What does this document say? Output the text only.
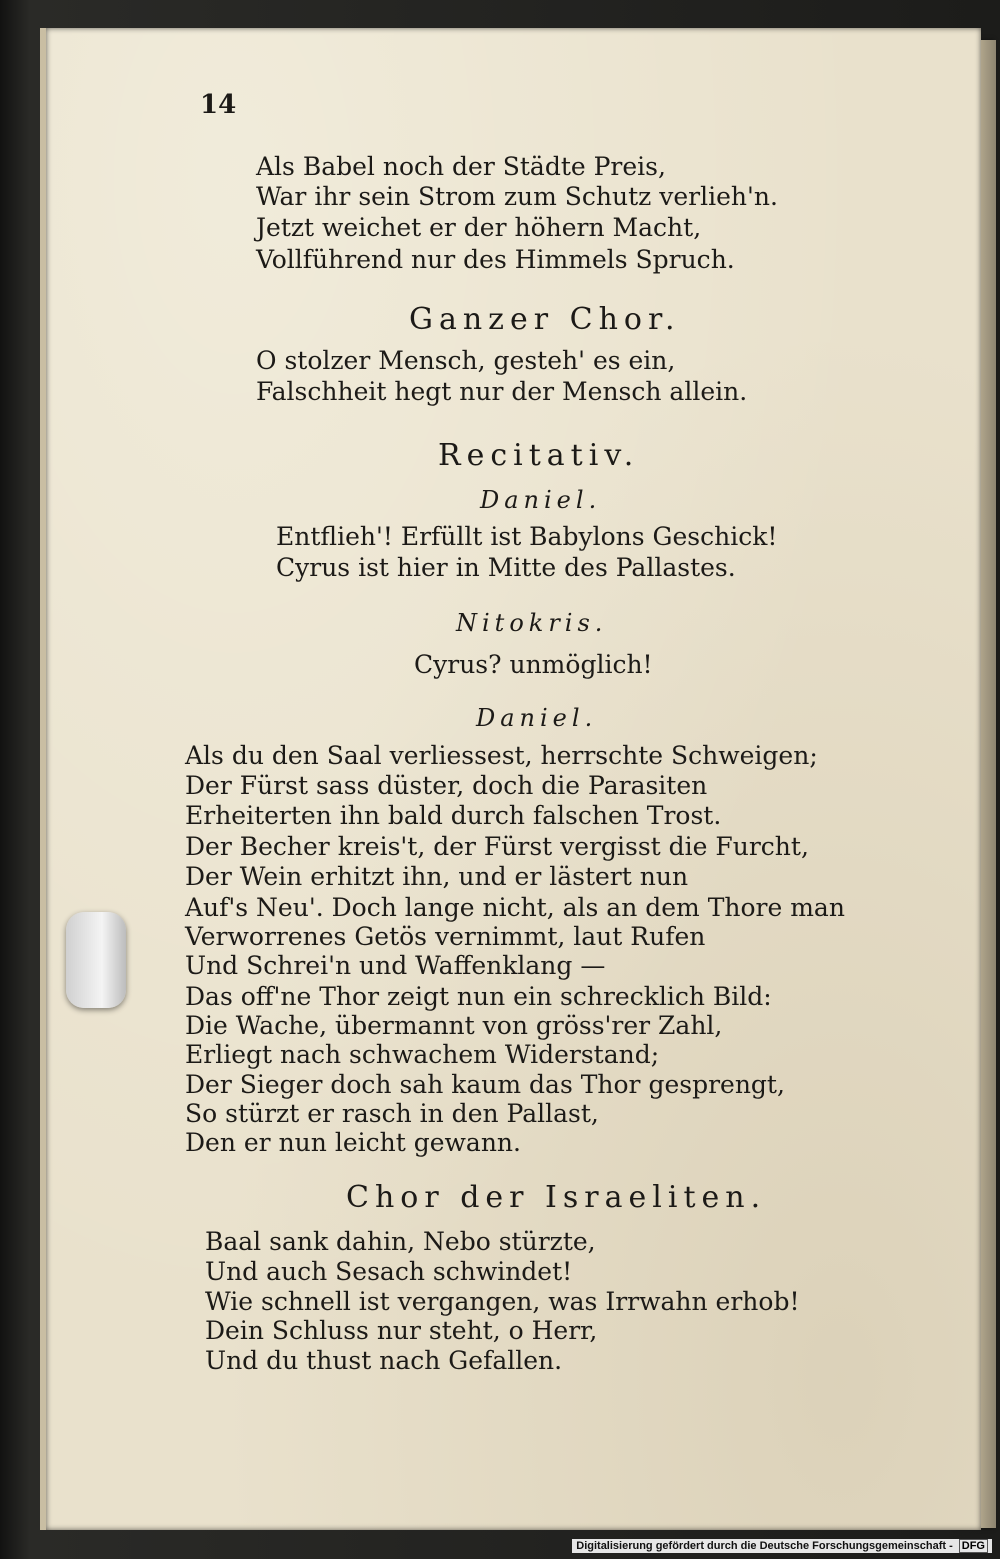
14
Als Babel noch der Städte Preis,
War ihr sein Strom zum Schutz verlieh'n.
Jetzt weichet er der höhern Macht,
Vollführend nur des Himmels Spruch.
Ganzer Chor.
O stolzer Mensch, gesteh' es ein,
Falschheit hegt nur der Mensch allein.
Recitativ.
Daniel.
Entflieh'! Erfüllt ist Babylons Geschick!
Cyrus ist hier in Mitte des Pallastes.
Nitokris.
Cyrus? unmöglich!
Daniel.
Als du den Saal verliessest, herrschte Schweigen;
Der Fürst sass düster, doch die Parasiten
Erheiterten ihn bald durch falschen Trost.
Der Becher kreis't, der Fürst vergisst die Furcht,
Der Wein erhitzt ihn, und er lästert nun
Auf's Neu'. Doch lange nicht, als an dem Thore man
Verworrenes Getös vernimmt, laut Rufen
Und Schrei'n und Waffenklang —
Das off'ne Thor zeigt nun ein schrecklich Bild:
Die Wache, übermannt von gröss'rer Zahl,
Erliegt nach schwachem Widerstand;
Der Sieger doch sah kaum das Thor gesprengt,
So stürzt er rasch in den Pallast,
Den er nun leicht gewann.
Chor der Israeliten.
Baal sank dahin, Nebo stürzte,
Und auch Sesach schwindet!
Wie schnell ist vergangen, was Irrwahn erhob!
Dein Schluss nur steht, o Herr,
Und du thust nach Gefallen.
Digitalisierung gefördert durch die Deutsche Forschungsgemeinschaft - DFG
